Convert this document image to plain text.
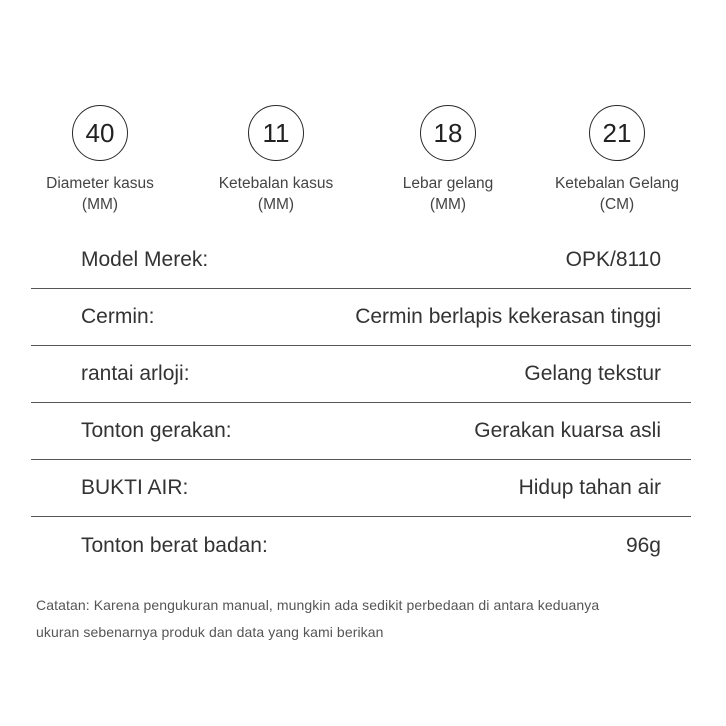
40
Diameter kasus
(MM)
11
Ketebalan kasus
(MM)
18
Lebar gelang
(MM)
21
Ketebalan Gelang
(CM)
Model Merek:	OPK/8110
Cermin:	Cermin berlapis kekerasan tinggi
rantai arloji:	Gelang tekstur
Tonton gerakan:	Gerakan kuarsa asli
BUKTI AIR:	Hidup tahan air
Tonton berat badan:	96g
Catatan: Karena pengukuran manual, mungkin ada sedikit perbedaan di antara keduanya
ukuran sebenarnya produk dan data yang kami berikan
